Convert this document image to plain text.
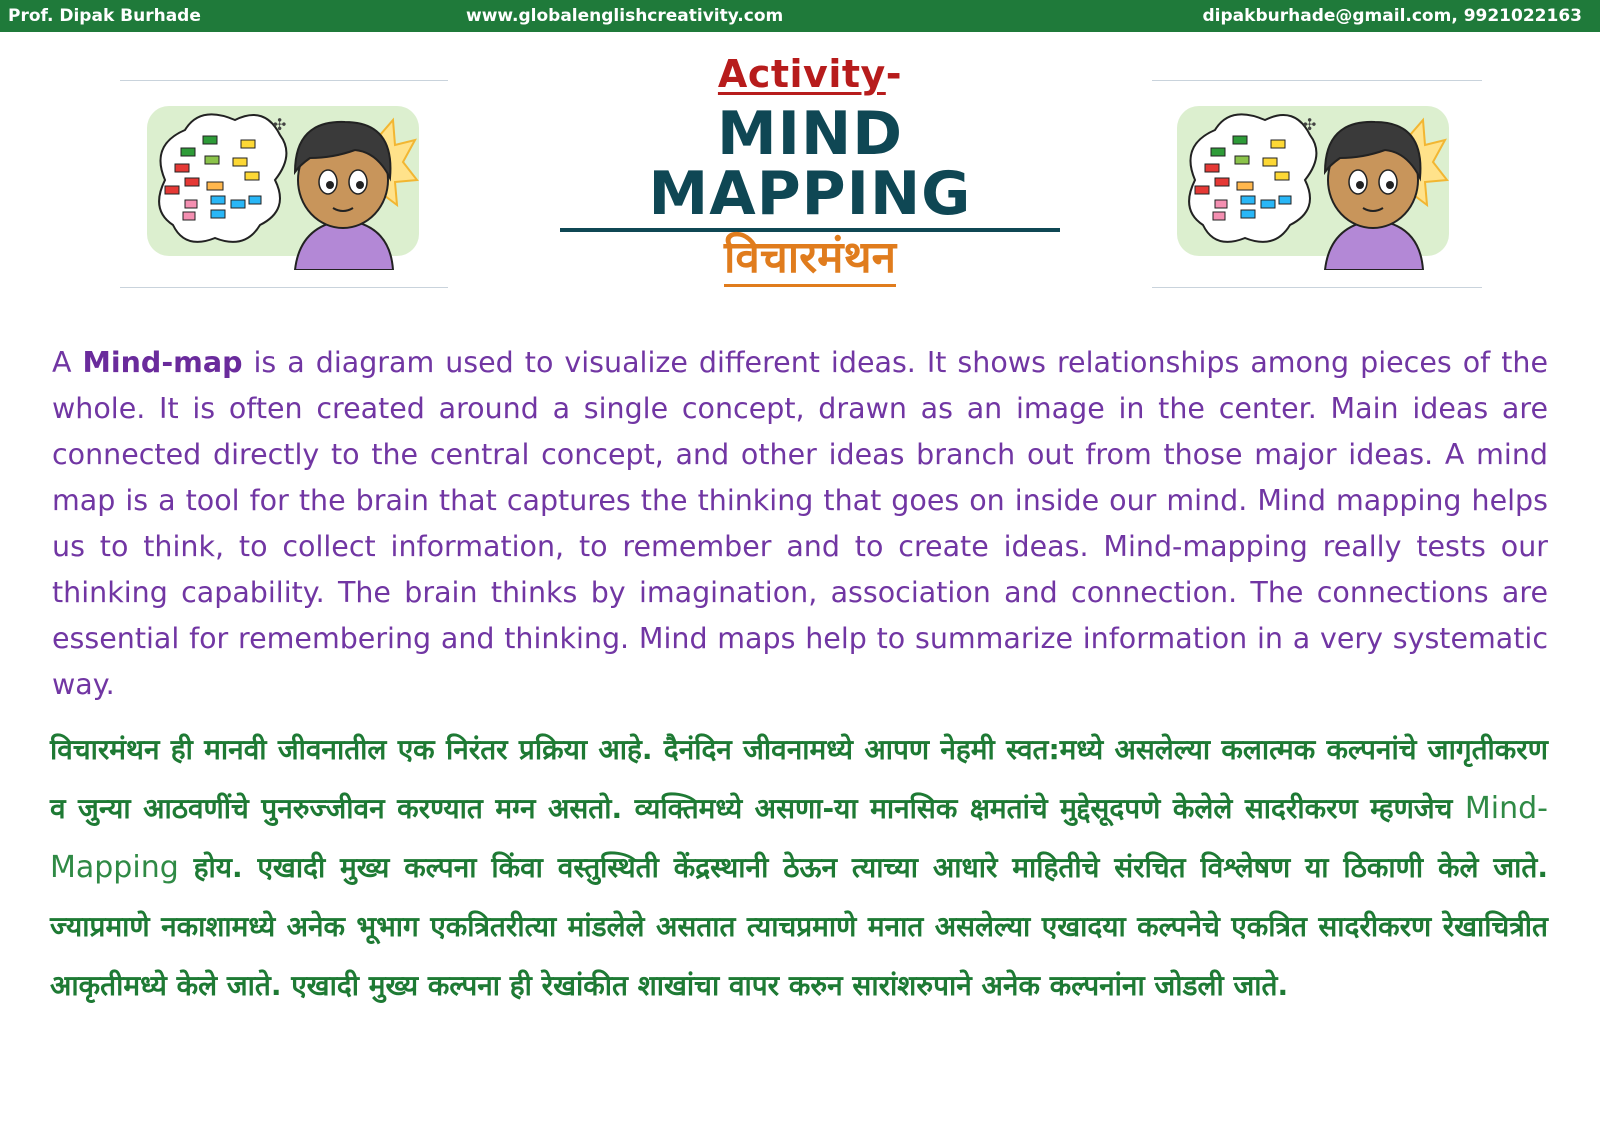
Prof. Dipak Burhade	www.globalenglishcreativity.com	dipakburhade@gmail.com, 9921022163
✣	✣
Activity-
MIND MAPPING
विचारमंथन
A Mind-map is a diagram used to visualize different ideas. It shows relationships among pieces of the whole. It is often created around a single concept, drawn as an image in the center. Main ideas are connected directly to the central concept, and other ideas branch out from those major ideas. A mind map is a tool for the brain that captures the thinking that goes on inside our mind. Mind mapping helps us to think, to collect information, to remember and to create ideas. Mind-mapping really tests our thinking capability. The brain thinks by imagination, association and connection. The connections are essential for remembering and thinking. Mind maps help to summarize information in a very systematic way.
विचारमंथन ही मानवी जीवनातील एक निरंतर प्रक्रिया आहे. दैनंदिन जीवनामध्ये आपण नेहमी स्वत:मध्ये असलेल्या कलात्मक कल्पनांचे जागृतीकरण व जुन्या आठवणींचे पुनरुज्जीवन करण्यात मग्न असतो. व्यक्तिमध्ये असणा-या मानसिक क्षमतांचे मुद्देसूदपणे केलेले सादरीकरण म्हणजेच Mind-Mapping होय. एखादी मुख्य कल्पना किंवा वस्तुस्थिती केंद्रस्थानी ठेऊन त्याच्या आधारे माहितीचे संरचित विश्लेषण या ठिकाणी केले जाते. ज्याप्रमाणे नकाशामध्ये अनेक भूभाग एकत्रितरीत्या मांडलेले असतात त्याचप्रमाणे मनात असलेल्या एखादया कल्पनेचे एकत्रित सादरीकरण रेखाचित्रीत आकृतीमध्ये केले जाते. एखादी मुख्य कल्पना ही रेखांकीत शाखांचा वापर करुन सारांशरुपाने अनेक कल्पनांना जोडली जाते.
